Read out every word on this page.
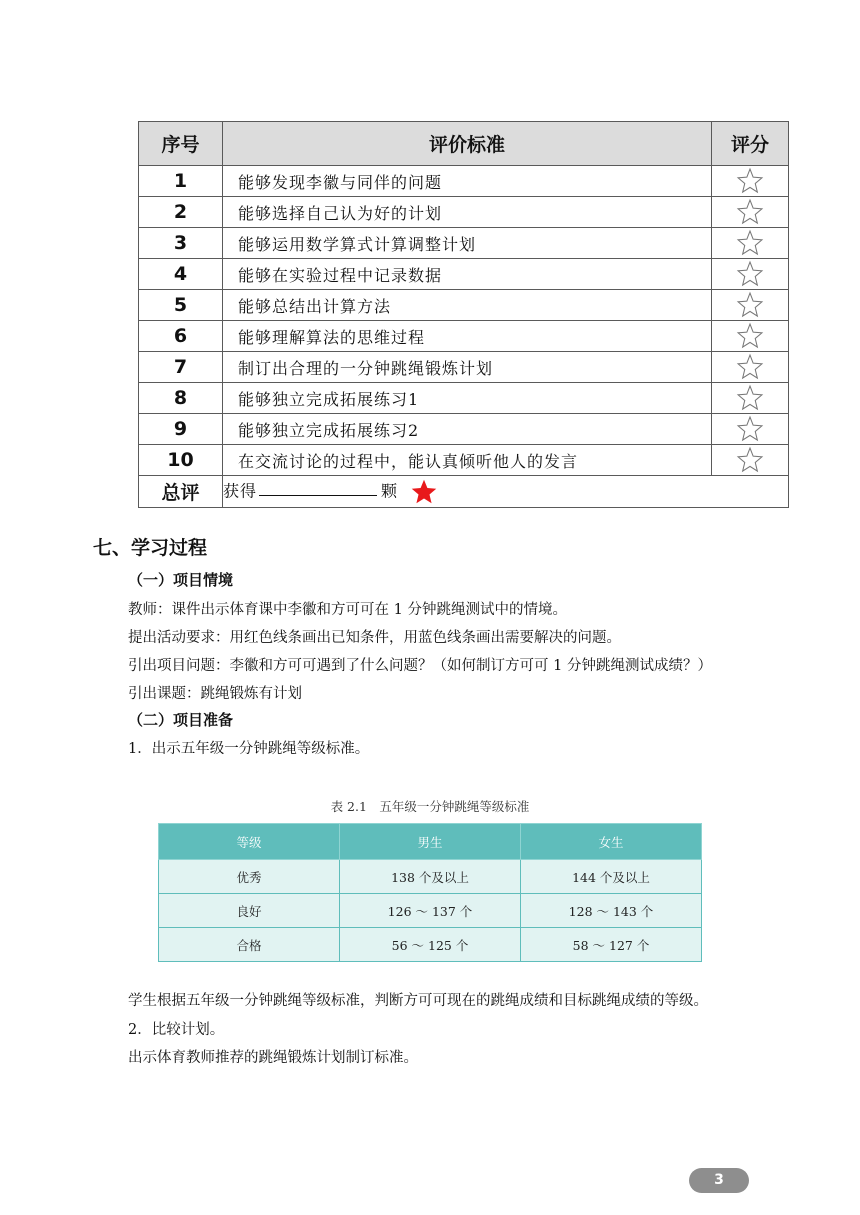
序号	评价标准	评分
1	能够发现李徽与同伴的问题	
2	能够选择自己认为好的计划	
3	能够运用数学算式计算调整计划	
4	能够在实验过程中记录数据	
5	能够总结出计算方法	
6	能够理解算法的思维过程	
7	制订出合理的一分钟跳绳锻炼计划	
8	能够独立完成拓展练习1	
9	能够独立完成拓展练习2	
10	在交流讨论的过程中，能认真倾听他人的发言	
总评	获得 颗	
七、学习过程
（一）项目情境

教师：课件出示体育课中李徽和方可可在 1 分钟跳绳测试中的情境。

提出活动要求：用红色线条画出已知条件，用蓝色线条画出需要解决的问题。

引出项目问题：李徽和方可可遇到了什么问题？（如何制订方可可 1 分钟跳绳测试成绩？）

引出课题：跳绳锻炼有计划

（二）项目准备

1．出示五年级一分钟跳绳等级标准。

表 2.1　五年级一分钟跳绳等级标准
等级	男生	女生
优秀	138 个及以上	144 个及以上
良好	126 ～ 137 个	128 ～ 143 个
合格	56 ～ 125 个	58 ～ 127 个

学生根据五年级一分钟跳绳等级标准，判断方可可现在的跳绳成绩和目标跳绳成绩的等级。

2．比较计划。

出示体育教师推荐的跳绳锻炼计划制订标准。

3
